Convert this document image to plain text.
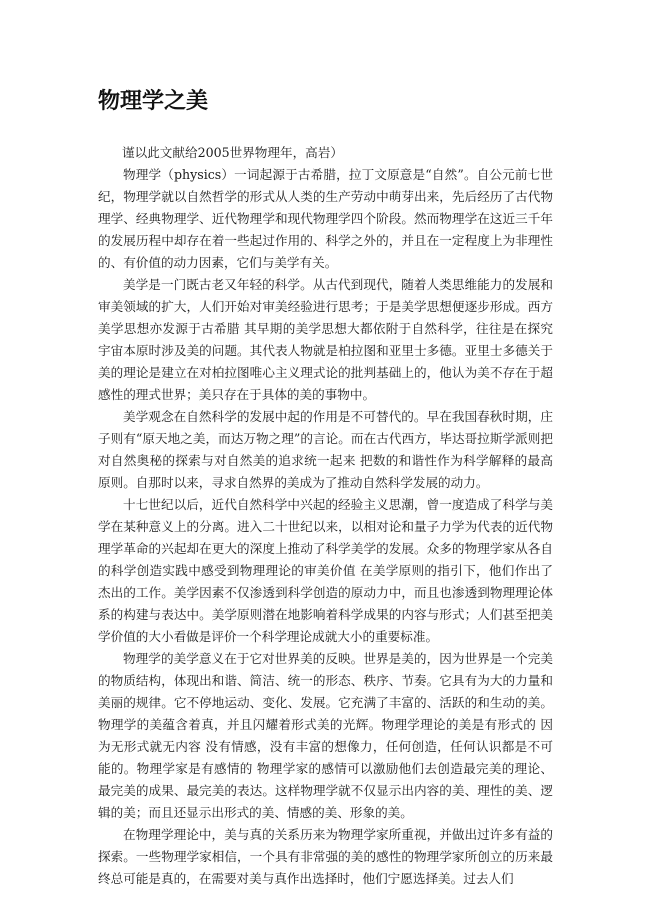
物理学之美

谨以此文献给2005世界物理年，高岩）

物理学（physics）一词起源于古希腊，拉丁文原意是“自然”。自公元前七世纪，物理学就以自然哲学的形式从人类的生产劳动中萌芽出来，先后经历了古代物理学、经典物理学、近代物理学和现代物理学四个阶段。然而物理学在这近三千年的发展历程中却存在着一些起过作用的、科学之外的，并且在一定程度上为非理性的、有价值的动力因素，它们与美学有关。

美学是一门既古老又年轻的科学。从古代到现代，随着人类思维能力的发展和审美领域的扩大，人们开始对审美经验进行思考；于是美学思想便逐步形成。西方美学思想亦发源于古希腊 其早期的美学思想大都依附于自然科学，往往是在探究宇宙本原时涉及美的问题。其代表人物就是柏拉图和亚里士多德。亚里士多德关于美的理论是建立在对柏拉图唯心主义理式论的批判基础上的，他认为美不存在于超感性的理式世界；美只存在于具体的美的事物中。

美学观念在自然科学的发展中起的作用是不可替代的。早在我国春秋时期，庄子则有“原天地之美，而达万物之理”的言论。而在古代西方，毕达哥拉斯学派则把对自然奥秘的探索与对自然美的追求统一起来 把数的和谐性作为科学解释的最高原则。自那时以来，寻求自然界的美成为了推动自然科学发展的动力。

十七世纪以后，近代自然科学中兴起的经验主义思潮，曾一度造成了科学与美学在某种意义上的分离。进入二十世纪以来，以相对论和量子力学为代表的近代物理学革命的兴起却在更大的深度上推动了科学美学的发展。众多的物理学家从各自的科学创造实践中感受到物理理论的审美价值 在美学原则的指引下，他们作出了杰出的工作。美学因素不仅渗透到科学创造的原动力中，而且也渗透到物理理论体系的构建与表达中。美学原则潜在地影响着科学成果的内容与形式；人们甚至把美学价值的大小看做是评价一个科学理论成就大小的重要标准。

物理学的美学意义在于它对世界美的反映。世界是美的，因为世界是一个完美的物质结构，体现出和谐、简洁、统一的形态、秩序、节奏。它具有为大的力量和美丽的规律。它不停地运动、变化、发展。它充满了丰富的、活跃的和生动的美。物理学的美蕴含着真，并且闪耀着形式美的光辉。物理学理论的美是有形式的 因为无形式就无内容 没有情感，没有丰富的想像力，任何创造，任何认识都是不可能的。物理学家是有感情的 物理学家的感情可以激励他们去创造最完美的理论、最完美的成果、最完美的表达。这样物理学就不仅显示出内容的美、理性的美、逻辑的美；而且还显示出形式的美、情感的美、形象的美。

在物理学理论中，美与真的关系历来为物理学家所重视，并做出过许多有益的探索。一些物理学家相信，一个具有非常强的美的感性的物理学家所创立的历来最终总可能是真的，在需要对美与真作出选择时，他们宁愿选择美。过去人们
